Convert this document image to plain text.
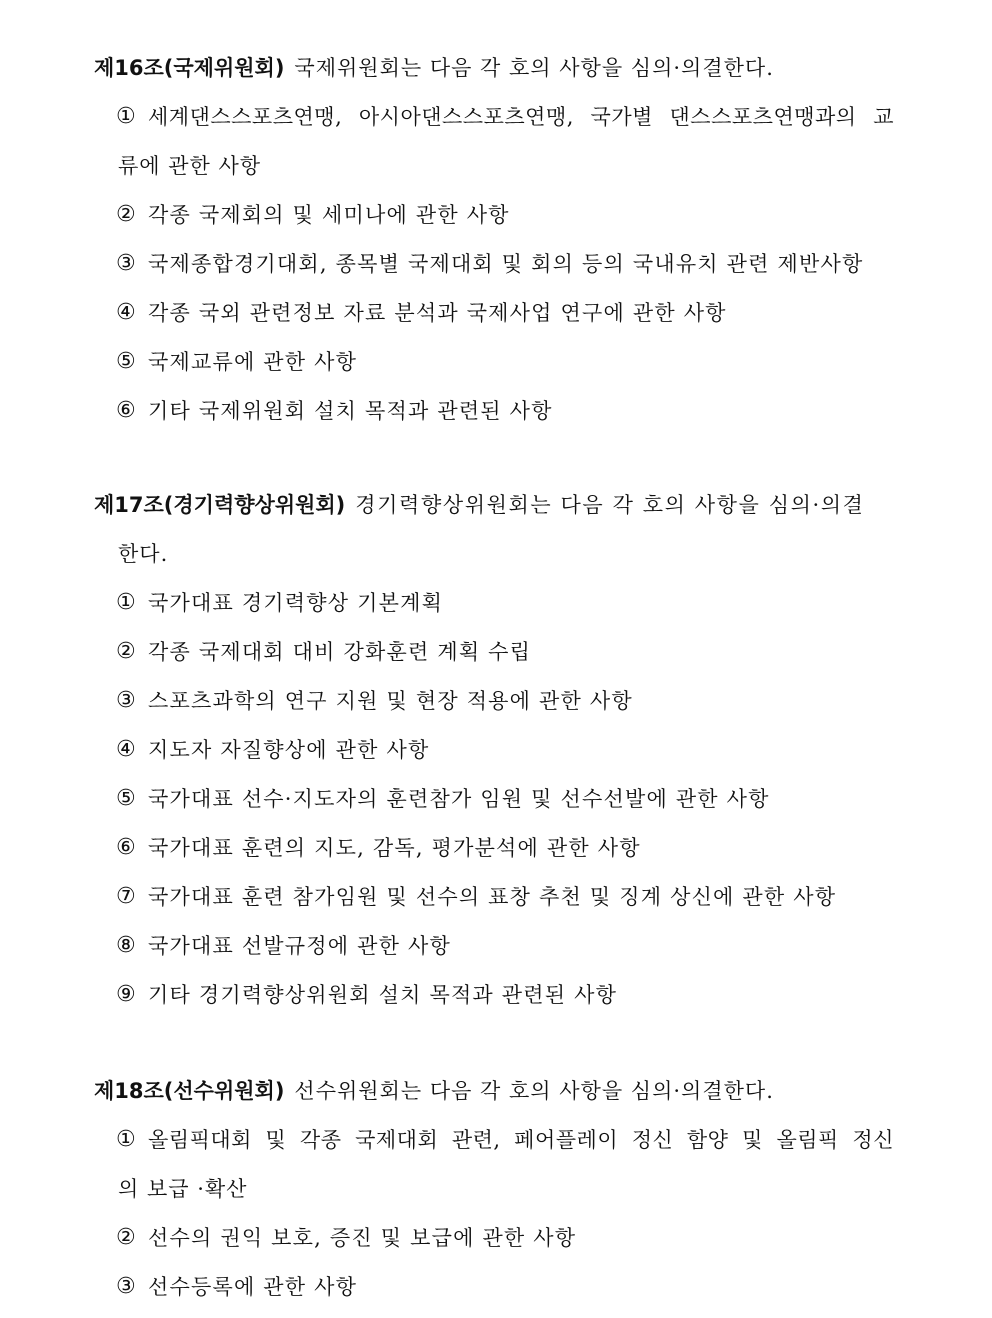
제16조(국제위원회) 국제위원회는 다음 각 호의 사항을 심의·의결한다.
① 세계댄스스포츠연맹, 아시아댄스스포츠연맹, 국가별 댄스스포츠연맹과의 교
류에 관한 사항
② 각종 국제회의 및 세미나에 관한 사항
③ 국제종합경기대회, 종목별 국제대회 및 회의 등의 국내유치 관련 제반사항
④ 각종 국외 관련정보 자료 분석과 국제사업 연구에 관한 사항
⑤ 국제교류에 관한 사항
⑥ 기타 국제위원회 설치 목적과 관련된 사항
제17조(경기력향상위원회) 경기력향상위원회는 다음 각 호의 사항을 심의·의결
한다.
① 국가대표 경기력향상 기본계획
② 각종 국제대회 대비 강화훈련 계획 수립
③ 스포츠과학의 연구 지원 및 현장 적용에 관한 사항
④ 지도자 자질향상에 관한 사항
⑤ 국가대표 선수·지도자의 훈련참가 임원 및 선수선발에 관한 사항
⑥ 국가대표 훈련의 지도, 감독, 평가분석에 관한 사항
⑦ 국가대표 훈련 참가임원 및 선수의 표창 추천 및 징계 상신에 관한 사항
⑧ 국가대표 선발규정에 관한 사항
⑨ 기타 경기력향상위원회 설치 목적과 관련된 사항
제18조(선수위원회) 선수위원회는 다음 각 호의 사항을 심의·의결한다.
① 올림픽대회 및 각종 국제대회 관련, 페어플레이 정신 함양 및 올림픽 정신
의 보급 ·확산
② 선수의 권익 보호, 증진 및 보급에 관한 사항
③ 선수등록에 관한 사항
